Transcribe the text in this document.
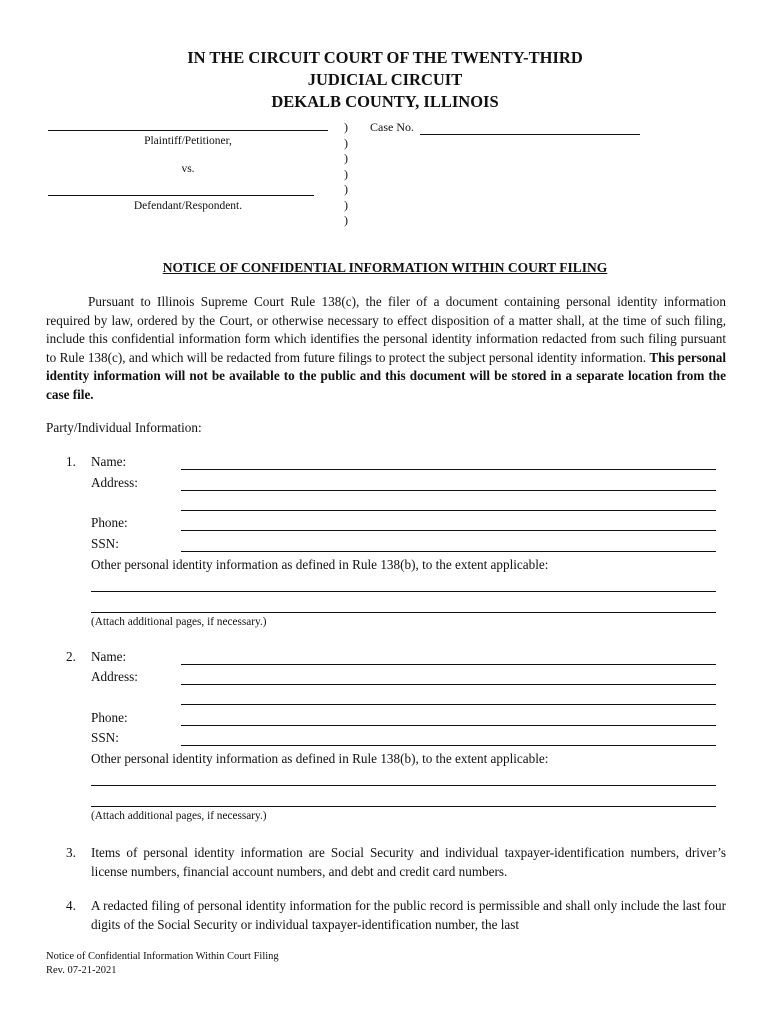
IN THE CIRCUIT COURT OF THE TWENTY-THIRD
JUDICIAL CIRCUIT
DEKALB COUNTY, ILLINOIS
Plaintiff/Petitioner,
vs.
Defendant/Respondent.
)
)
)
)
)
)
)
Case No.
NOTICE OF CONFIDENTIAL INFORMATION WITHIN COURT FILING
Pursuant to Illinois Supreme Court Rule 138(c), the filer of a document containing personal identity information required by law, ordered by the Court, or otherwise necessary to effect disposition of a matter shall, at the time of such filing, include this confidential information form which identifies the personal identity information redacted from such filing pursuant to Rule 138(c), and which will be redacted from future filings to protect the subject personal identity information. This personal identity information will not be available to the public and this document will be stored in a separate location from the case file.
Party/Individual Information:
1. Name:
Address:
Phone:
SSN:
Other personal identity information as defined in Rule 138(b), to the extent applicable:
(Attach additional pages, if necessary.)
2. Name:
Address:
Phone:
SSN:
Other personal identity information as defined in Rule 138(b), to the extent applicable:
(Attach additional pages, if necessary.)
3. Items of personal identity information are Social Security and individual taxpayer-identification numbers, driver’s license numbers, financial account numbers, and debt and credit card numbers.
4. A redacted filing of personal identity information for the public record is permissible and shall only include the last four digits of the Social Security or individual taxpayer-identification number, the last
Notice of Confidential Information Within Court Filing
Rev. 07-21-2021
